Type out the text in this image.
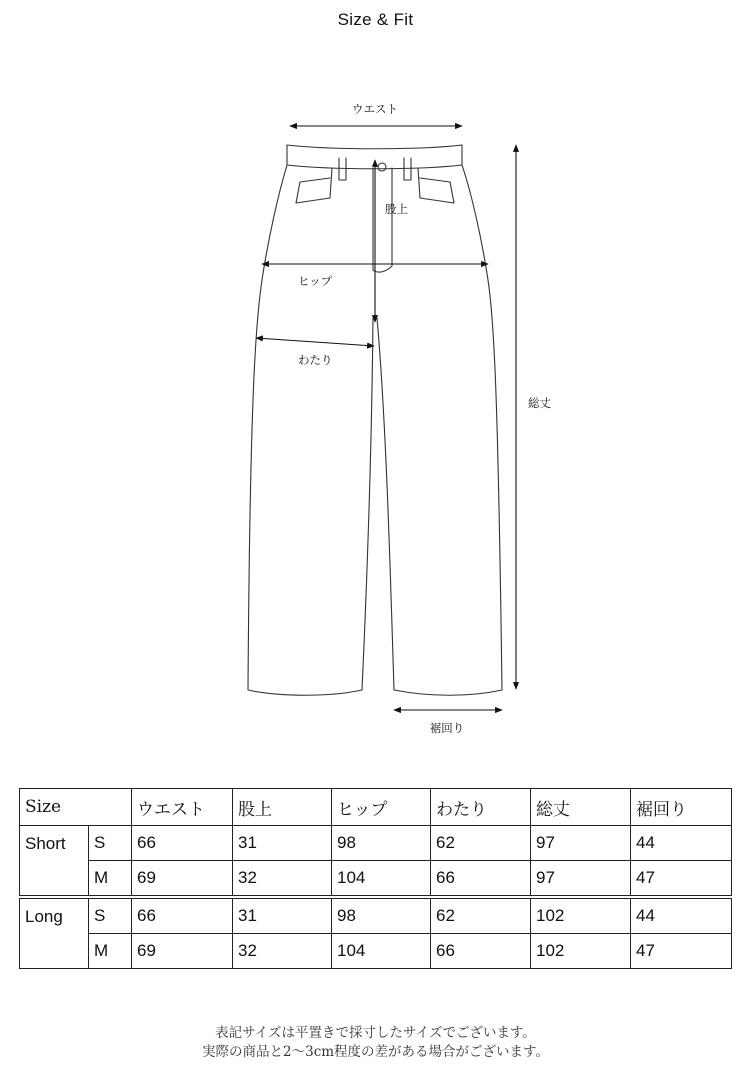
Size & Fit
ウエスト
股上
ヒップ
わたり
総丈
裾回り
Size		ウエスト	股上	ヒップ	わたり	総丈	裾回り
Short	S	66	31	98	62	97	44
	M	69	32	104	66	97	47
Long	S	66	31	98	62	102	44
	M	69	32	104	66	102	47
表記サイズは平置きで採寸したサイズでございます。
実際の商品と2〜3cm程度の差がある場合がございます。
